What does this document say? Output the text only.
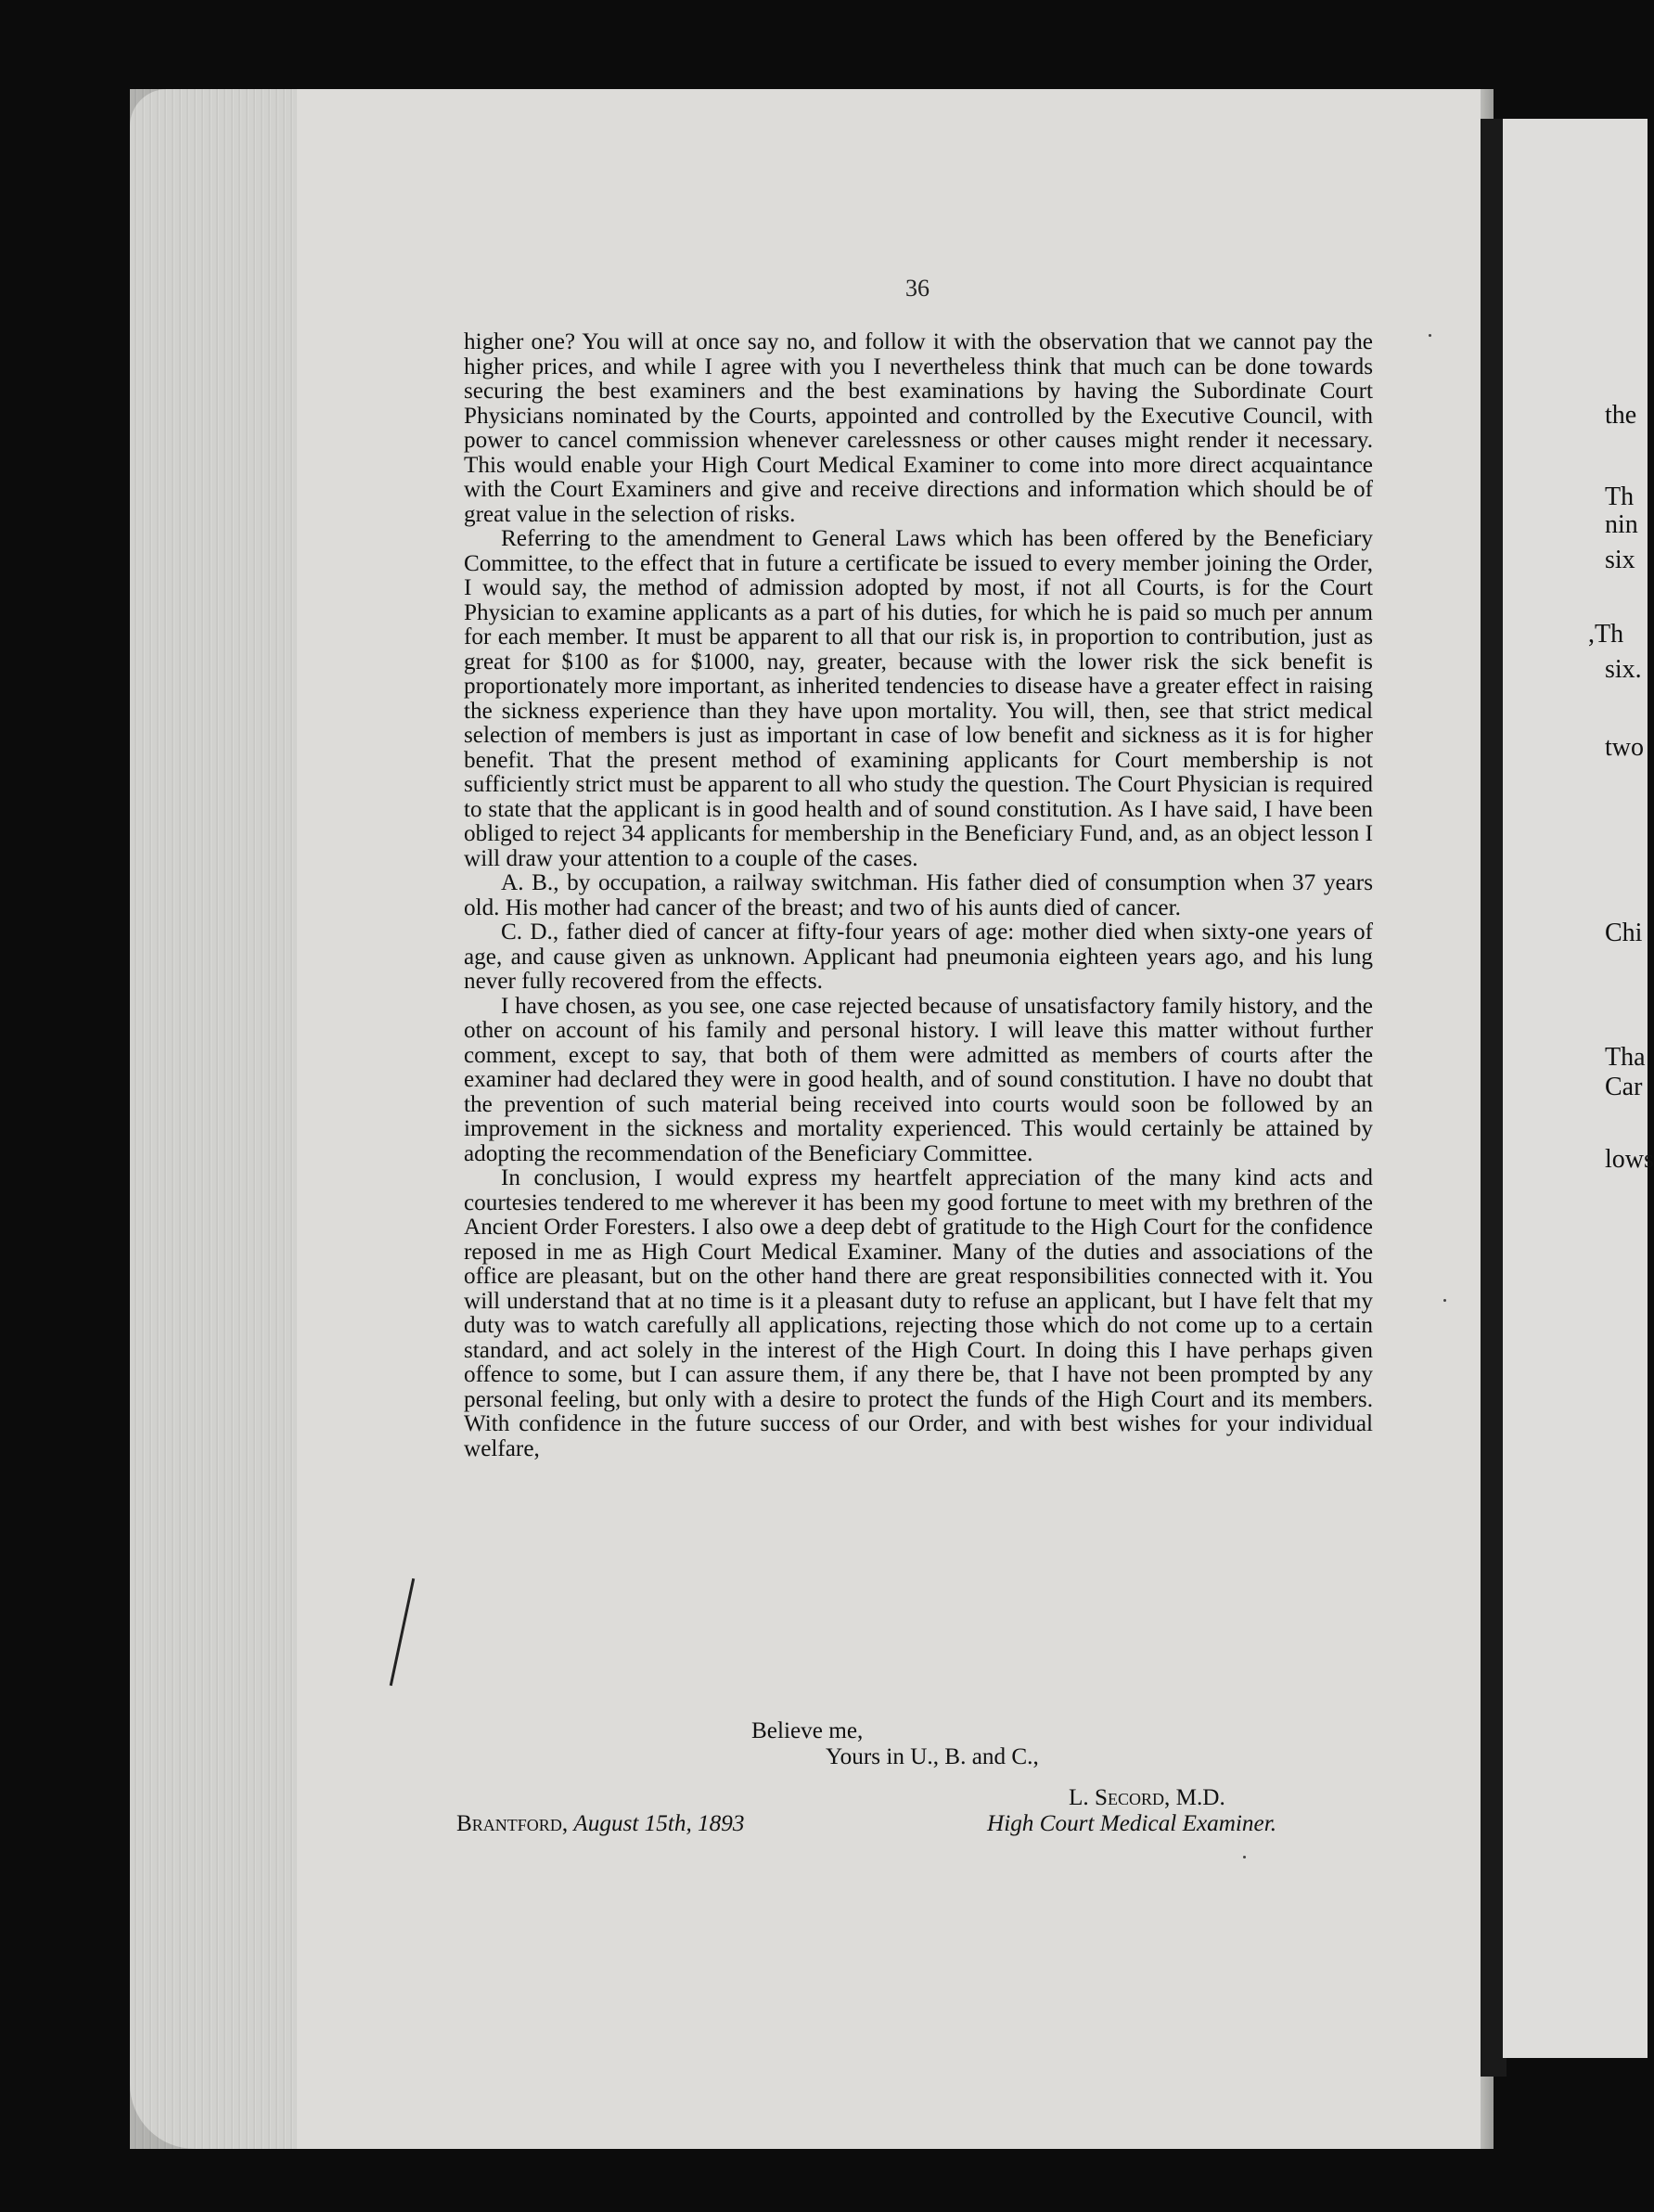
the
Th
nin
six
,Th
six.
two
Chi
Tha
Car
lows
36

higher one? You will at once say no, and follow it with the observation that we cannot pay the higher prices, and while I agree with you I nevertheless think that much can be done towards securing the best examiners and the best examinations by having the Subordinate Court Physicians nominated by the Courts, appointed and controlled by the Executive Council, with power to cancel commission whenever carelessness or other causes might render it necessary. This would enable your High Court Medical Examiner to come into more direct acquaintance with the Court Examiners and give and receive directions and information which should be of great value in the selection of risks.

Referring to the amendment to General Laws which has been offered by the Beneficiary Committee, to the effect that in future a certificate be issued to every member joining the Order, I would say, the method of admission adopted by most, if not all Courts, is for the Court Physician to examine applicants as a part of his duties, for which he is paid so much per annum for each member. It must be apparent to all that our risk is, in proportion to contribution, just as great for $100 as for $1000, nay, greater, because with the lower risk the sick benefit is proportionately more important, as inherited tendencies to disease have a greater effect in raising the sickness experience than they have upon mortality. You will, then, see that strict medical selection of members is just as important in case of low benefit and sickness as it is for higher benefit. That the present method of examining applicants for Court membership is not sufficiently strict must be apparent to all who study the question. The Court Physician is required to state that the applicant is in good health and of sound constitution. As I have said, I have been obliged to reject 34 applicants for membership in the Beneficiary Fund, and, as an object lesson I will draw your attention to a couple of the cases.

A. B., by occupation, a railway switchman. His father died of consumption when 37 years old. His mother had cancer of the breast; and two of his aunts died of cancer.

C. D., father died of cancer at fifty-four years of age: mother died when sixty-one years of age, and cause given as unknown. Applicant had pneumonia eighteen years ago, and his lung never fully recovered from the effects.

I have chosen, as you see, one case rejected because of unsatisfactory family history, and the other on account of his family and personal history. I will leave this matter without further comment, except to say, that both of them were admitted as members of courts after the examiner had declared they were in good health, and of sound constitution. I have no doubt that the prevention of such material being received into courts would soon be followed by an improvement in the sickness and mortality experienced. This would certainly be attained by adopting the recommendation of the Beneficiary Committee.

In conclusion, I would express my heartfelt appreciation of the many kind acts and courtesies tendered to me wherever it has been my good fortune to meet with my brethren of the Ancient Order Foresters. I also owe a deep debt of gratitude to the High Court for the confidence reposed in me as High Court Medical Examiner. Many of the duties and associations of the office are pleasant, but on the other hand there are great responsibilities connected with it. You will understand that at no time is it a pleasant duty to refuse an applicant, but I have felt that my duty was to watch carefully all applications, rejecting those which do not come up to a certain standard, and act solely in the interest of the High Court. In doing this I have perhaps given offence to some, but I can assure them, if any there be, that I have not been prompted by any personal feeling, but only with a desire to protect the funds of the High Court and its members. With confidence in the future success of our Order, and with best wishes for your individual welfare,

Believe me,
Yours in U., B. and C.,
L. Secord, M.D.
Brantford, August 15th, 1893	High Court Medical Examiner.
